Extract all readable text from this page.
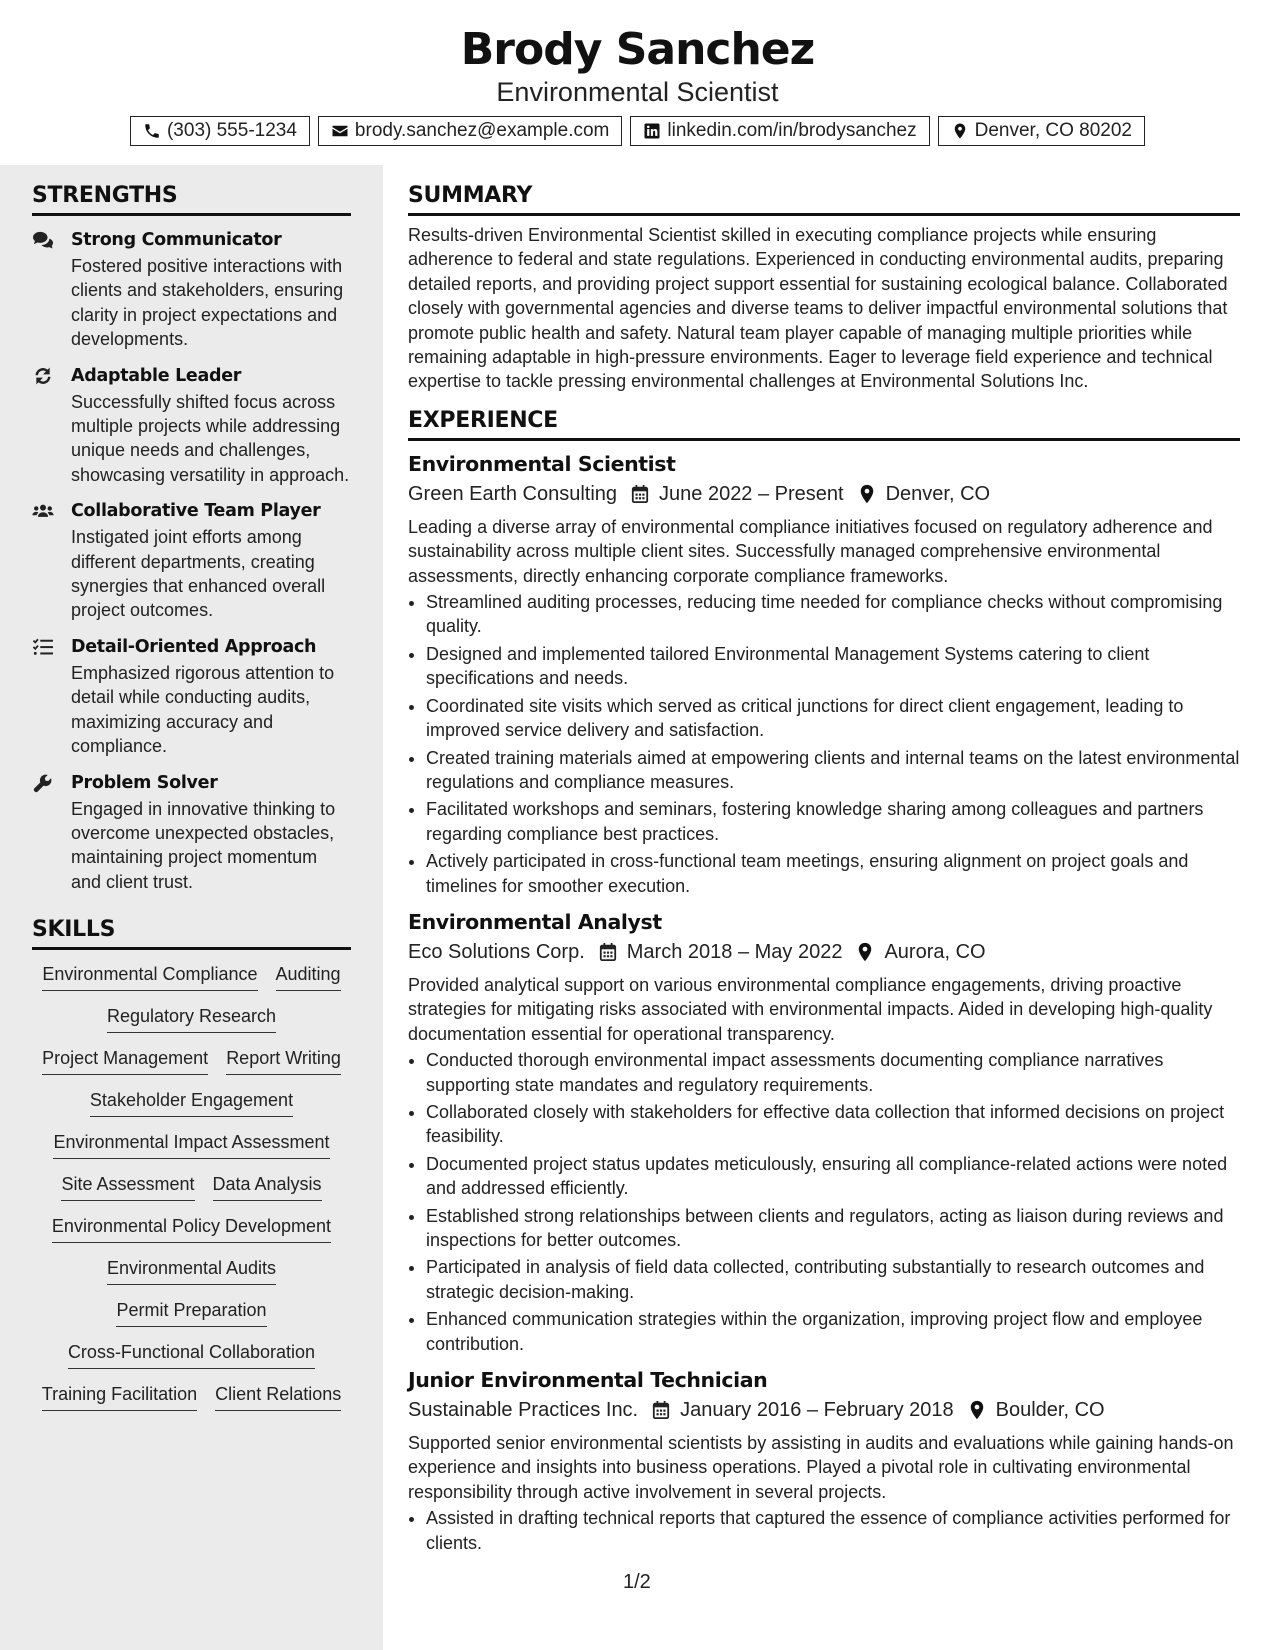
Brody Sanchez
Environmental Scientist
(303) 555-1234	brody.sanchez@example.com	linkedin.com/in/brodysanchez	Denver, CO 80202
STRENGTHS
Strong Communicator
Fostered positive interactions with clients and stakeholders, ensuring clarity in project expectations and developments.
Adaptable Leader
Successfully shifted focus across multiple projects while addressing unique needs and challenges, showcasing versatility in approach.
Collaborative Team Player
Instigated joint efforts among different departments, creating synergies that enhanced overall project outcomes.
Detail-Oriented Approach
Emphasized rigorous attention to detail while conducting audits, maximizing accuracy and compliance.
Problem Solver
Engaged in innovative thinking to overcome unexpected obstacles, maintaining project momentum and client trust.
SKILLS
Environmental Compliance Auditing
Regulatory Research
Project Management Report Writing
Stakeholder Engagement
Environmental Impact Assessment
Site Assessment Data Analysis
Environmental Policy Development
Environmental Audits
Permit Preparation
Cross-Functional Collaboration
Training Facilitation Client Relations
SUMMARY
Results-driven Environmental Scientist skilled in executing compliance projects while ensuring adherence to federal and state regulations. Experienced in conducting environmental audits, preparing detailed reports, and providing project support essential for sustaining ecological balance. Collaborated closely with governmental agencies and diverse teams to deliver impactful environmental solutions that promote public health and safety. Natural team player capable of managing multiple priorities while remaining adaptable in high-pressure environments. Eager to leverage field experience and technical expertise to tackle pressing environmental challenges at Environmental Solutions Inc.
EXPERIENCE
Environmental Scientist
Green Earth Consulting June 2022 – Present Denver, CO
Leading a diverse array of environmental compliance initiatives focused on regulatory adherence and sustainability across multiple client sites. Successfully managed comprehensive environmental assessments, directly enhancing corporate compliance frameworks.
• Streamlined auditing processes, reducing time needed for compliance checks without compromising quality.
• Designed and implemented tailored Environmental Management Systems catering to client specifications and needs.
• Coordinated site visits which served as critical junctions for direct client engagement, leading to improved service delivery and satisfaction.
• Created training materials aimed at empowering clients and internal teams on the latest environmental regulations and compliance measures.
• Facilitated workshops and seminars, fostering knowledge sharing among colleagues and partners regarding compliance best practices.
• Actively participated in cross-functional team meetings, ensuring alignment on project goals and timelines for smoother execution.
Environmental Analyst
Eco Solutions Corp. March 2018 – May 2022 Aurora, CO
Provided analytical support on various environmental compliance engagements, driving proactive strategies for mitigating risks associated with environmental impacts. Aided in developing high-quality documentation essential for operational transparency.
• Conducted thorough environmental impact assessments documenting compliance narratives supporting state mandates and regulatory requirements.
• Collaborated closely with stakeholders for effective data collection that informed decisions on project feasibility.
• Documented project status updates meticulously, ensuring all compliance-related actions were noted and addressed efficiently.
• Established strong relationships between clients and regulators, acting as liaison during reviews and inspections for better outcomes.
• Participated in analysis of field data collected, contributing substantially to research outcomes and strategic decision-making.
• Enhanced communication strategies within the organization, improving project flow and employee contribution.
Junior Environmental Technician
Sustainable Practices Inc. January 2016 – February 2018 Boulder, CO
Supported senior environmental scientists by assisting in audits and evaluations while gaining hands-on experience and insights into business operations. Played a pivotal role in cultivating environmental responsibility through active involvement in several projects.
• Assisted in drafting technical reports that captured the essence of compliance activities performed for clients.
1/2
